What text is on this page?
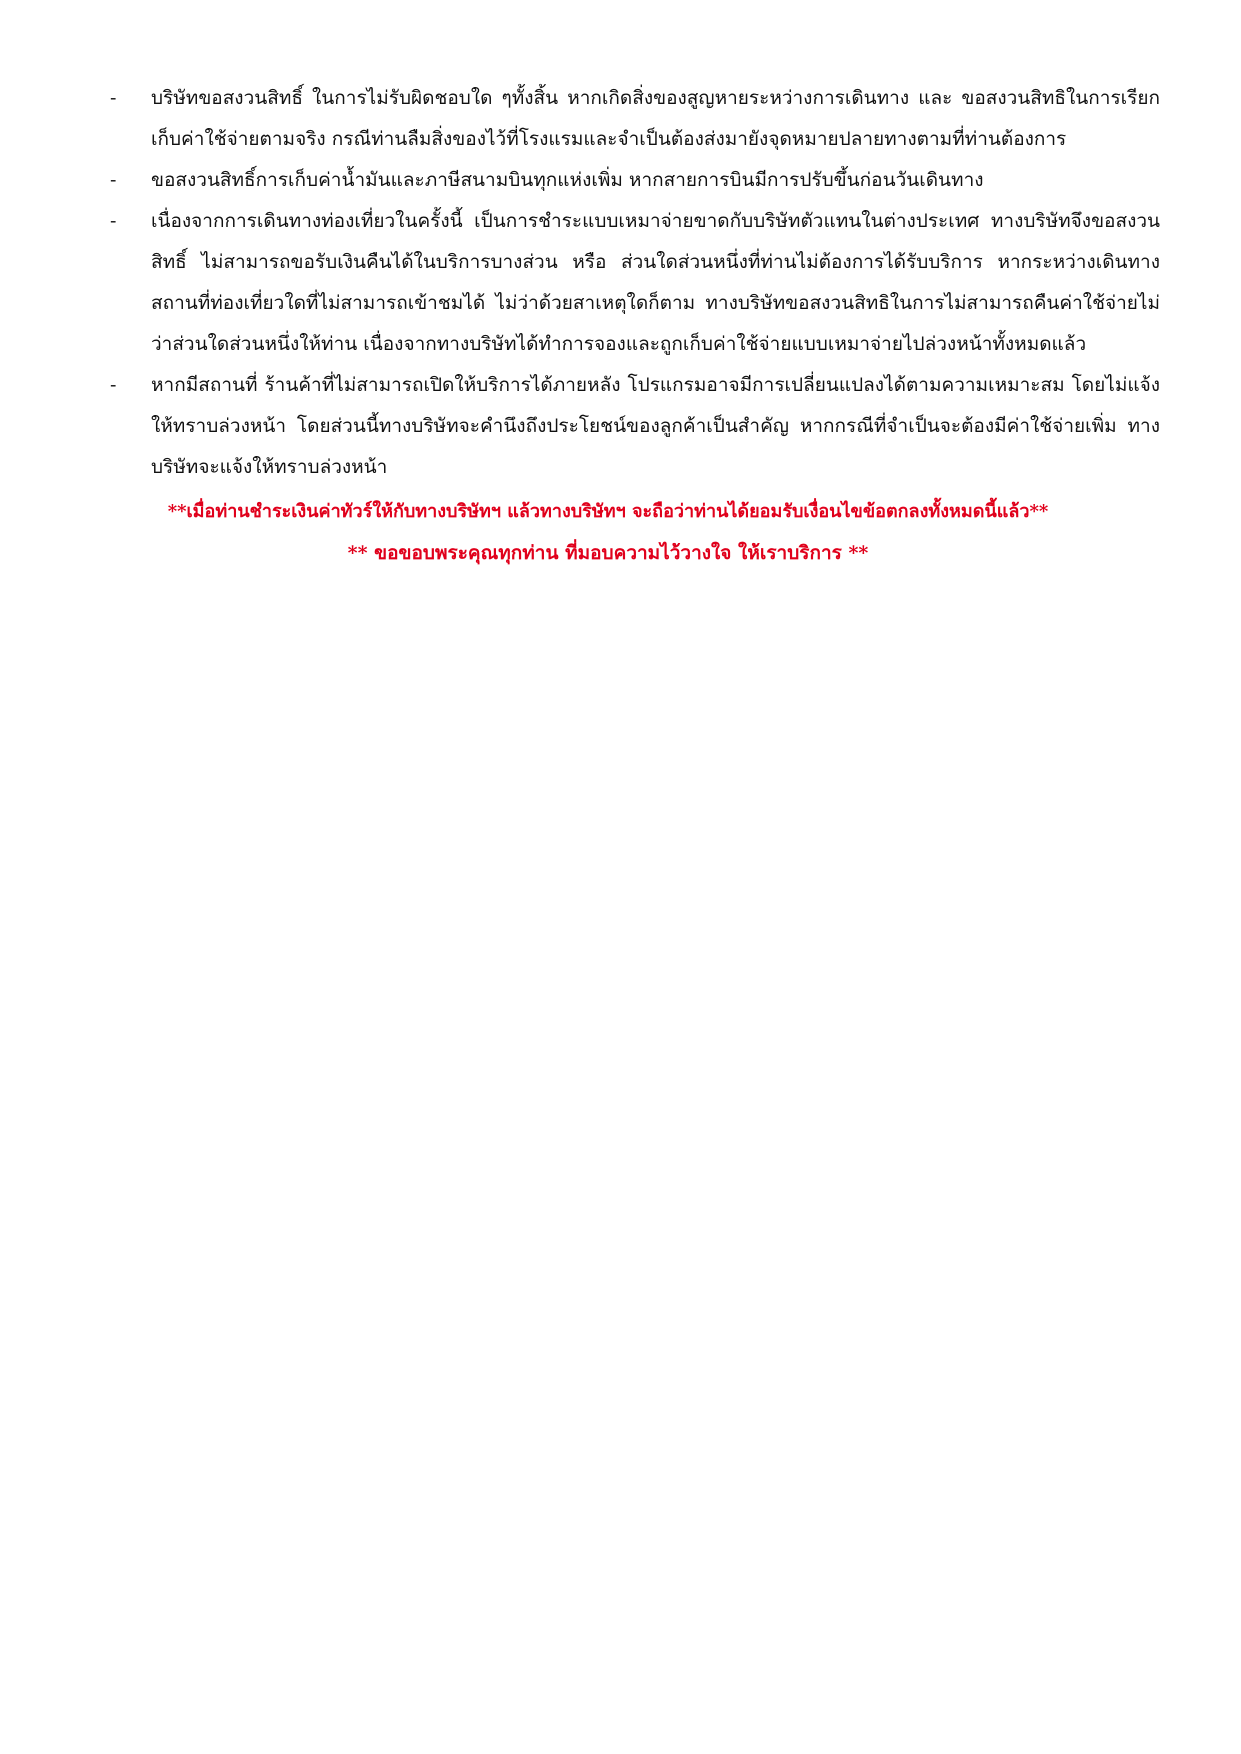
-	บริษัทขอสงวนสิทธิ์ ในการไม่รับผิดชอบใด ๆทั้งสิ้น หากเกิดสิ่งของสูญหายระหว่างการเดินทาง และ ขอสงวนสิทธิในการเรียกเก็บค่าใช้จ่ายตามจริง กรณีท่านลืมสิ่งของไว้ที่โรงแรมและจำเป็นต้องส่งมายังจุดหมายปลายทางตามที่ท่านต้องการ
-	ขอสงวนสิทธิ์การเก็บค่าน้ำมันและภาษีสนามบินทุกแห่งเพิ่ม หากสายการบินมีการปรับขึ้นก่อนวันเดินทาง
-	เนื่องจากการเดินทางท่องเที่ยวในครั้งนี้ เป็นการชำระแบบเหมาจ่ายขาดกับบริษัทตัวแทนในต่างประเทศ ทางบริษัทจึงขอสงวนสิทธิ์ ไม่สามารถขอรับเงินคืนได้ในบริการบางส่วน หรือ ส่วนใดส่วนหนึ่งที่ท่านไม่ต้องการได้รับบริการ หากระหว่างเดินทาง สถานที่ท่องเที่ยวใดที่ไม่สามารถเข้าชมได้ ไม่ว่าด้วยสาเหตุใดก็ตาม ทางบริษัทขอสงวนสิทธิในการไม่สามารถคืนค่าใช้จ่ายไม่ว่าส่วนใดส่วนหนึ่งให้ท่าน เนื่องจากทางบริษัทได้ทำการจองและถูกเก็บค่าใช้จ่ายแบบเหมาจ่ายไปล่วงหน้าทั้งหมดแล้ว
-	หากมีสถานที่ ร้านค้าที่ไม่สามารถเปิดให้บริการได้ภายหลัง โปรแกรมอาจมีการเปลี่ยนแปลงได้ตามความเหมาะสม โดยไม่แจ้งให้ทราบล่วงหน้า โดยส่วนนี้ทางบริษัทจะคำนึงถึงประโยชน์ของลูกค้าเป็นสำคัญ หากกรณีที่จำเป็นจะต้องมีค่าใช้จ่ายเพิ่ม ทางบริษัทจะแจ้งให้ทราบล่วงหน้า
**เมื่อท่านชำระเงินค่าทัวร์ให้กับทางบริษัทฯ แล้วทางบริษัทฯ จะถือว่าท่านได้ยอมรับเงื่อนไขข้อตกลงทั้งหมดนี้แล้ว**
** ขอขอบพระคุณทุกท่าน ที่มอบความไว้วางใจ ให้เราบริการ **
